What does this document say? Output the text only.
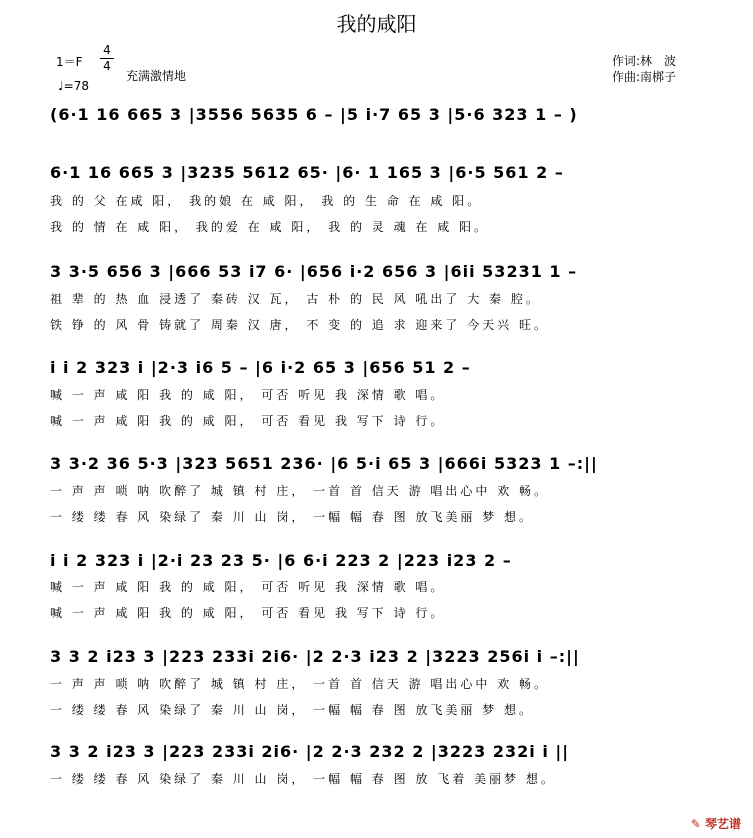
我的咸阳
1＝F
4
4
♩=78
充满激情地
作词:林　波
作曲:南梆子
(6·1 16 665 3 |3556 5635 6 – |5 i·7 65 3 |5·6 323 1 – )
6·1 16 665 3 |3235 5612 65· |6· 1 165 3 |6·5 561 2 –
我 的 父 在咸 阳， 我的娘 在 咸 阳， 我 的 生 命 在 咸 阳。
我 的 情 在 咸 阳， 我的爱 在 咸 阳， 我 的 灵 魂 在 咸 阳。
3 3·5 656 3 |666 53 i7 6· |656 i·2 656 3 |6ii 53231 1 –
祖 辈 的 热 血 浸透了 秦砖 汉 瓦， 古 朴 的 民 风 吼出了 大 秦 腔。
铁 铮 的 风 骨 铸就了 周秦 汉 唐， 不 变 的 追 求 迎来了 今天兴 旺。
i i 2 323 i |2·3 i6 5 – |6 i·2 65 3 |656 51 2 –
喊 一 声 咸 阳 我 的 咸 阳， 可否 听见 我 深情 歌 唱。
喊 一 声 咸 阳 我 的 咸 阳， 可否 看见 我 写下 诗 行。
3 3·2 36 5·3 |323 5651 236· |6 5·i 65 3 |666i 5323 1 –:||
一 声 声 唢 呐 吹醉了 城 镇 村 庄， 一首 首 信天 游 唱出心中 欢 畅。
一 缕 缕 春 风 染绿了 秦 川 山 岗， 一幅 幅 春 图 放飞美丽 梦 想。
i i 2 323 i |2·i 23 23 5· |6 6·i 223 2 |223 i23 2 –
喊 一 声 咸 阳 我 的 咸 阳， 可否 听见 我 深情 歌 唱。
喊 一 声 咸 阳 我 的 咸 阳， 可否 看见 我 写下 诗 行。
3 3 2 i23 3 |223 233i 2i6· |2 2·3 i23 2 |3223 256i i –:||
一 声 声 唢 呐 吹醉了 城 镇 村 庄， 一首 首 信天 游 唱出心中 欢 畅。
一 缕 缕 春 风 染绿了 秦 川 山 岗， 一幅 幅 春 图 放飞美丽 梦 想。
3 3 2 i23 3 |223 233i 2i6· |2 2·3 232 2 |3223 232i i ||
一 缕 缕 春 风 染绿了 秦 川 山 岗， 一幅 幅 春 图 放 飞着 美丽梦 想。
✎ 琴艺谱
